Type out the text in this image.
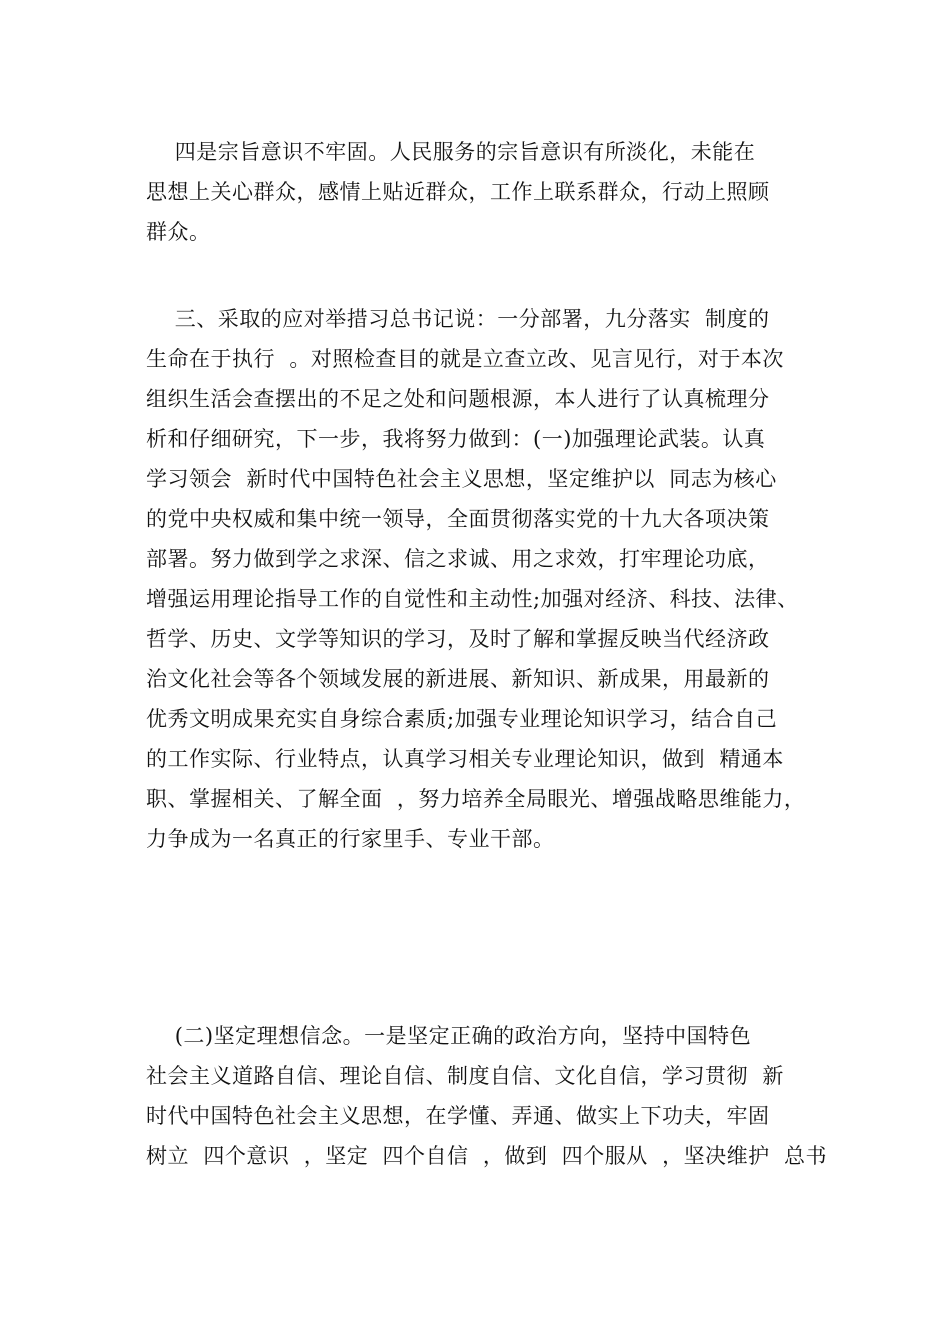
四是宗旨意识不牢固。人民服务的宗旨意识有所淡化，未能在
思想上关心群众，感情上贴近群众，工作上联系群众，行动上照顾
群众。
三、采取的应对举措习总书记说：一分部署，九分落实  制度的
生命在于执行  。对照检查目的就是立查立改、见言见行，对于本次
组织生活会查摆出的不足之处和问题根源，本人进行了认真梳理分
析和仔细研究，下一步，我将努力做到：(一)加强理论武装。认真
学习领会  新时代中国特色社会主义思想，坚定维护以  同志为核心
的党中央权威和集中统一领导，全面贯彻落实党的十九大各项决策
部署。努力做到学之求深、信之求诚、用之求效，打牢理论功底，
增强运用理论指导工作的自觉性和主动性;加强对经济、科技、法律、
哲学、历史、文学等知识的学习，及时了解和掌握反映当代经济政
治文化社会等各个领域发展的新进展、新知识、新成果，用最新的
优秀文明成果充实自身综合素质;加强专业理论知识学习，结合自己
的工作实际、行业特点，认真学习相关专业理论知识，做到  精通本
职、掌握相关、了解全面  ，努力培养全局眼光、增强战略思维能力，
力争成为一名真正的行家里手、专业干部。
(二)坚定理想信念。一是坚定正确的政治方向，坚持中国特色
社会主义道路自信、理论自信、制度自信、文化自信，学习贯彻  新
时代中国特色社会主义思想，在学懂、弄通、做实上下功夫，牢固
树立  四个意识  ，坚定  四个自信  ，做到  四个服从  ，坚决维护  总书
